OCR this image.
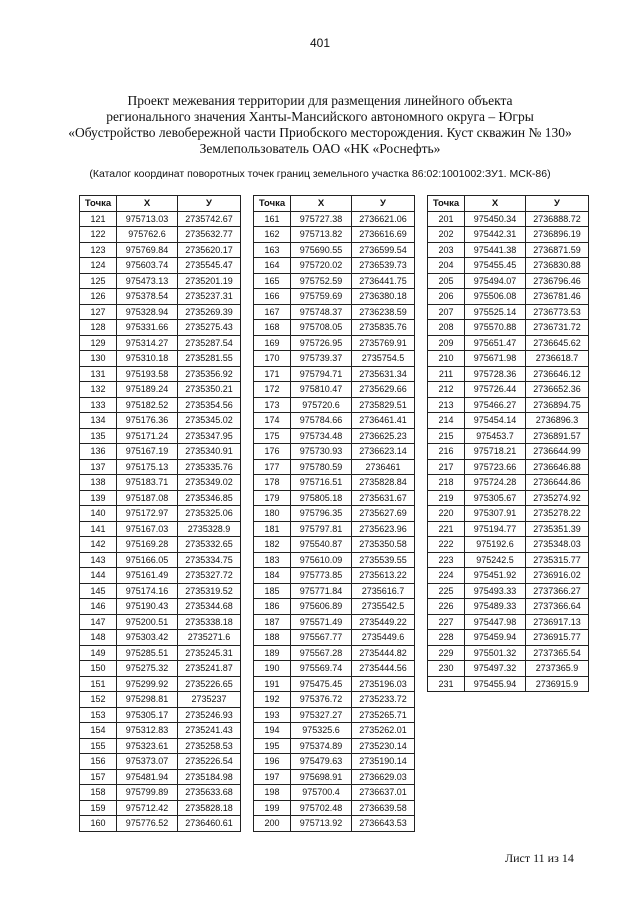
401
Проект межевания территории для размещения линейного объекта
регионального значения Ханты-Мансийского автономного округа – Югры
«Обустройство левобережной части Приобского месторождения. Куст скважин № 130»
Землепользователь ОАО «НК «Роснефть»
(Каталог координат поворотных точек границ земельного участка 86:02:1001002:ЗУ1. МСК-86)
Точка	X	У
121	975713.03	2735742.67
122	975762.6	2735632.77
123	975769.84	2735620.17
124	975603.74	2735545.47
125	975473.13	2735201.19
126	975378.54	2735237.31
127	975328.94	2735269.39
128	975331.66	2735275.43
129	975314.27	2735287.54
130	975310.18	2735281.55
131	975193.58	2735356.92
132	975189.24	2735350.21
133	975182.52	2735354.56
134	975176.36	2735345.02
135	975171.24	2735347.95
136	975167.19	2735340.91
137	975175.13	2735335.76
138	975183.71	2735349.02
139	975187.08	2735346.85
140	975172.97	2735325.06
141	975167.03	2735328.9
142	975169.28	2735332.65
143	975166.05	2735334.75
144	975161.49	2735327.72
145	975174.16	2735319.52
146	975190.43	2735344.68
147	975200.51	2735338.18
148	975303.42	2735271.6
149	975285.51	2735245.31
150	975275.32	2735241.87
151	975299.92	2735226.65
152	975298.81	2735237
153	975305.17	2735246.93
154	975312.83	2735241.43
155	975323.61	2735258.53
156	975373.07	2735226.54
157	975481.94	2735184.98
158	975799.89	2735633.68
159	975712.42	2735828.18
160	975776.52	2736460.61
Точка	X	У
161	975727.38	2736621.06
162	975713.82	2736616.69
163	975690.55	2736599.54
164	975720.02	2736539.73
165	975752.59	2736441.75
166	975759.69	2736380.18
167	975748.37	2736238.59
168	975708.05	2735835.76
169	975726.95	2735769.91
170	975739.37	2735754.5
171	975794.71	2735631.34
172	975810.47	2735629.66
173	975720.6	2735829.51
174	975784.66	2736461.41
175	975734.48	2736625.23
176	975730.93	2736623.14
177	975780.59	2736461
178	975716.51	2735828.84
179	975805.18	2735631.67
180	975796.35	2735627.69
181	975797.81	2735623.96
182	975540.87	2735350.58
183	975610.09	2735539.55
184	975773.85	2735613.22
185	975771.84	2735616.7
186	975606.89	2735542.5
187	975571.49	2735449.22
188	975567.77	2735449.6
189	975567.28	2735444.82
190	975569.74	2735444.56
191	975475.45	2735196.03
192	975376.72	2735233.72
193	975327.27	2735265.71
194	975325.6	2735262.01
195	975374.89	2735230.14
196	975479.63	2735190.14
197	975698.91	2736629.03
198	975700.4	2736637.01
199	975702.48	2736639.58
200	975713.92	2736643.53
Точка	X	У
201	975450.34	2736888.72
202	975442.31	2736896.19
203	975441.38	2736871.59
204	975455.45	2736830.88
205	975494.07	2736796.46
206	975506.08	2736781.46
207	975525.14	2736773.53
208	975570.88	2736731.72
209	975651.47	2736645.62
210	975671.98	2736618.7
211	975728.36	2736646.12
212	975726.44	2736652.36
213	975466.27	2736894.75
214	975454.14	2736896.3
215	975453.7	2736891.57
216	975718.21	2736644.99
217	975723.66	2736646.88
218	975724.28	2736644.86
219	975305.67	2735274.92
220	975307.91	2735278.22
221	975194.77	2735351.39
222	975192.6	2735348.03
223	975242.5	2735315.77
224	975451.92	2736916.02
225	975493.33	2737366.27
226	975489.33	2737366.64
227	975447.98	2736917.13
228	975459.94	2736915.77
229	975501.32	2737365.54
230	975497.32	2737365.9
231	975455.94	2736915.9
Лист 11 из 14
